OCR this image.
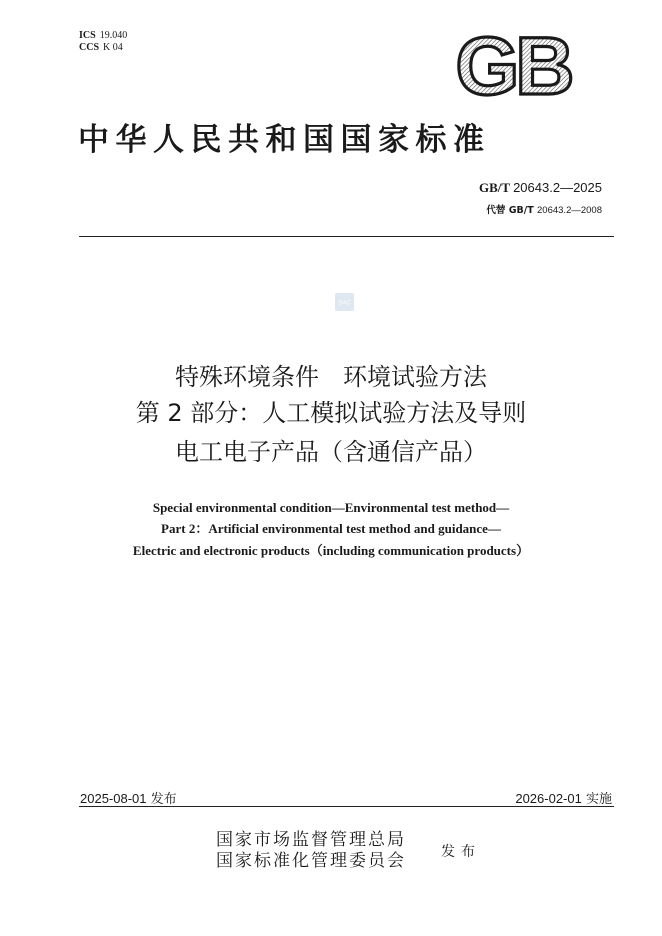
ICS 19.040
CCS K 04	GB
中华人民共和国国家标准
GB/T 20643.2—2025
代替 GB/T 20643.2—2008
SAC
特殊环境条件　环境试验方法
第 2 部分：人工模拟试验方法及导则
电工电子产品（含通信产品）
Special environmental condition—Environmental test method—
Part 2：Artificial environmental test method and guidance—
Electric and electronic products（including communication products）
2025-08-01 发布	2026-02-01 实施
国家市场监督管理总局
国家标准化管理委员会	发布
